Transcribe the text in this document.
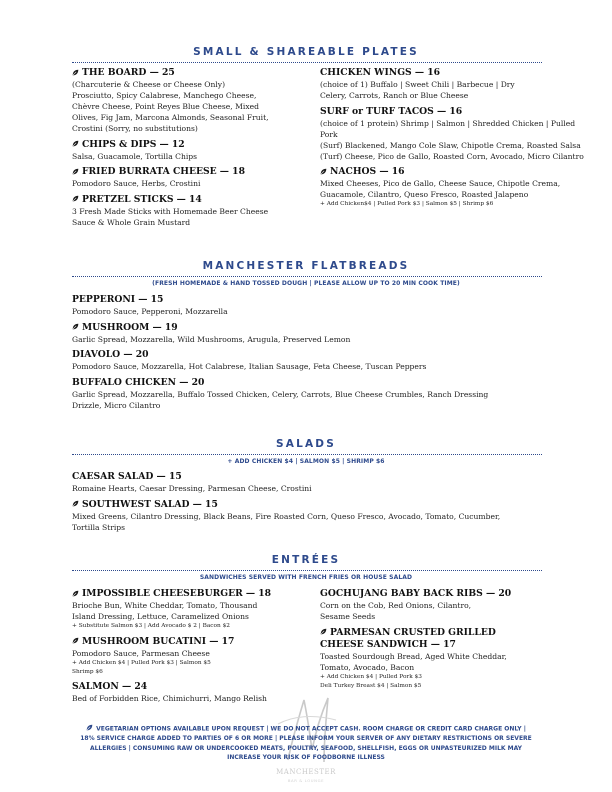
SMALL & SHAREABLE PLATES
THE BOARD — 25
(Charcuterie & Cheese or Cheese Only)
Prosciutto, Spicy Calabrese, Manchego Cheese,
Chèvre Cheese, Point Reyes Blue Cheese, Mixed
Olives, Fig Jam, Marcona Almonds, Seasonal Fruit,
Crostini (Sorry, no substitutions)
CHIPS & DIPS — 12
Salsa, Guacamole, Tortilla Chips
FRIED BURRATA CHEESE — 18
Pomodoro Sauce, Herbs, Crostini
PRETZEL STICKS — 14
3 Fresh Made Sticks with Homemade Beer Cheese
Sauce & Whole Grain Mustard
CHICKEN WINGS — 16
(choice of 1) Buffalo | Sweet Chili | Barbecue | Dry
Celery, Carrots, Ranch or Blue Cheese
SURF or TURF TACOS — 16
(choice of 1 protein) Shrimp | Salmon | Shredded Chicken | Pulled Pork
(Surf) Blackened, Mango Cole Slaw, Chipotle Crema, Roasted Salsa
(Turf) Cheese, Pico de Gallo, Roasted Corn, Avocado, Micro Cilantro
NACHOS — 16
Mixed Cheeses, Pico de Gallo, Cheese Sauce, Chipotle Crema,
Guacamole, Cilantro, Queso Fresco, Roasted Jalapeno
+ Add Chicken$4 | Pulled Pork $3 | Salmon $5 | Shrimp $6
MANCHESTER FLATBREADS
(FRESH HOMEMADE & HAND TOSSED DOUGH | PLEASE ALLOW UP TO 20 MIN COOK TIME)
PEPPERONI — 15
Pomodoro Sauce, Pepperoni, Mozzarella
MUSHROOM — 19
Garlic Spread, Mozzarella, Wild Mushrooms, Arugula, Preserved Lemon
DIAVOLO — 20
Pomodoro Sauce, Mozzarella, Hot Calabrese, Italian Sausage, Feta Cheese, Tuscan Peppers
BUFFALO CHICKEN — 20
Garlic Spread, Mozzarella, Buffalo Tossed Chicken, Celery, Carrots, Blue Cheese Crumbles, Ranch Dressing
Drizzle, Micro Cilantro
SALADS
+ ADD CHICKEN $4 | SALMON $5 | SHRIMP $6
CAESAR SALAD — 15
Romaine Hearts, Caesar Dressing, Parmesan Cheese, Crostini
SOUTHWEST SALAD — 15
Mixed Greens, Cilantro Dressing, Black Beans, Fire Roasted Corn, Queso Fresco, Avocado, Tomato, Cucumber,
Tortilla Strips
ENTRÉES
SANDWICHES SERVED WITH FRENCH FRIES OR HOUSE SALAD
IMPOSSIBLE CHEESEBURGER — 18
Brioche Bun, White Cheddar, Tomato, Thousand
Island Dressing, Lettuce, Caramelized Onions
+ Substitute Salmon $3 | Add Avocado $ 2 | Bacon $2
MUSHROOM BUCATINI — 17
Pomodoro Sauce, Parmesan Cheese
+ Add Chicken $4 | Pulled Pork $3 | Salmon $5
Shrimp $6
SALMON — 24
Bed of Forbidden Rice, Chimichurri, Mango Relish
GOCHUJANG BABY BACK RIBS — 20
Corn on the Cob, Red Onions, Cilantro,
Sesame Seeds
PARMESAN CRUSTED GRILLED
CHEESE SANDWICH — 17
Toasted Sourdough Bread, Aged White Cheddar,
Tomato, Avocado, Bacon
+ Add Chicken $4 | Pulled Pork $3
Deli Turkey Breast $4 | Salmon $5
MANCHESTER
BAR & LOUNGE
VEGETARIAN OPTIONS AVAILABLE UPON REQUEST | WE DO NOT ACCEPT CASH. ROOM CHARGE OR CREDIT CARD CHARGE ONLY |
18% SERVICE CHARGE ADDED TO PARTIES OF 6 OR MORE | PLEASE INFORM YOUR SERVER OF ANY DIETARY RESTRICTIONS OR SEVERE
ALLERGIES | CONSUMING RAW OR UNDERCOOKED MEATS, POULTRY, SEAFOOD, SHELLFISH, EGGS OR UNPASTEURIZED MILK MAY
INCREASE YOUR RISK OF FOODBORNE ILLNESS
